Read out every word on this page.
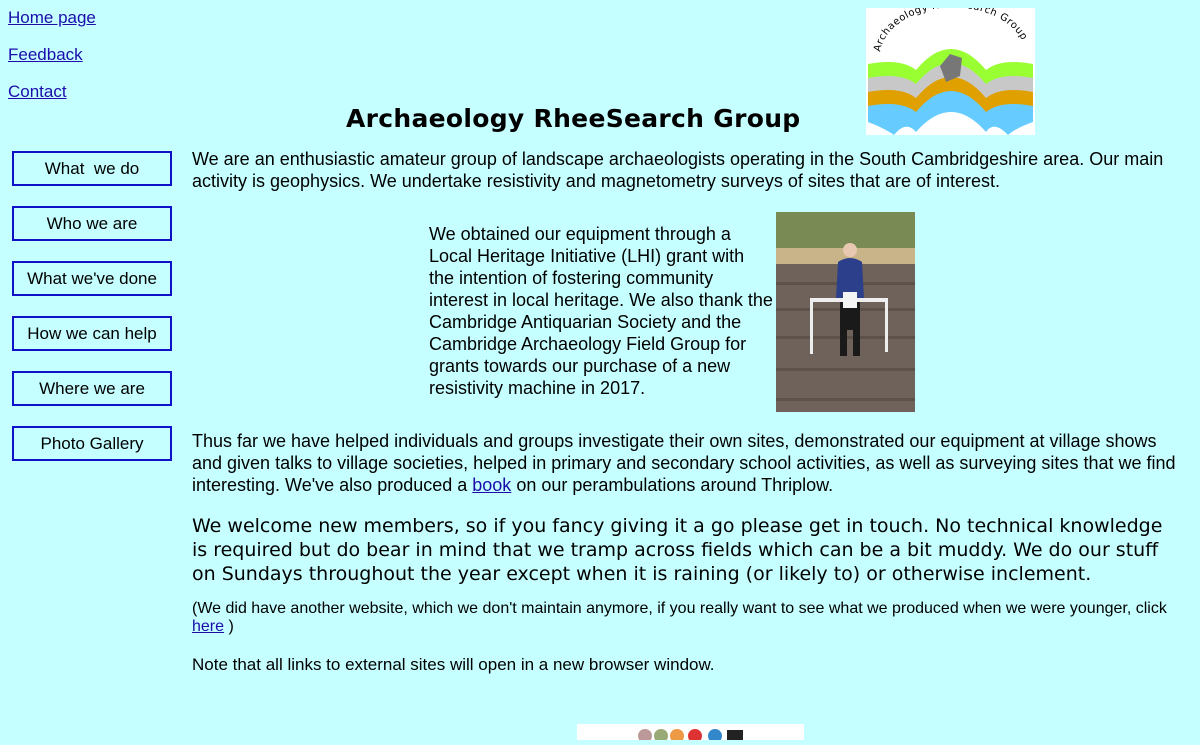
Home page
Feedback
Contact
Archaeology rch Group
Archaeology RheeSearch Group
What  we do
Who we are
What we've done
How we can help
Where we are
Photo Gallery
We are an enthusiastic amateur group of landscape archaeologists operating in the South Cambridgeshire area. Our main activity is geophysics. We undertake resistivity and magnetometry surveys of sites that are of interest.
We obtained our equipment through a Local Heritage Initiative (LHI) grant with the intention of fostering community interest in local heritage. We also thank the Cambridge Antiquarian Society and the Cambridge Archaeology Field Group for grants towards our purchase of a new resistivity machine in 2017.
Thus far we have helped individuals and groups investigate their own sites, demonstrated our equipment at village shows and given talks to village societies, helped in primary and secondary school activities, as well as surveying sites that we find interesting. We've also produced a book on our perambulations around Thriplow.
We welcome new members, so if you fancy giving it a go please get in touch. No technical knowledge is required but do bear in mind that we tramp across fields which can be a bit muddy. We do our stuff on Sundays throughout the year except when it is raining (or likely to) or otherwise inclement.
(We did have another website, which we don't maintain anymore, if you really want to see what we produced when we were younger, click here )
Note that all links to external sites will open in a new browser window.
